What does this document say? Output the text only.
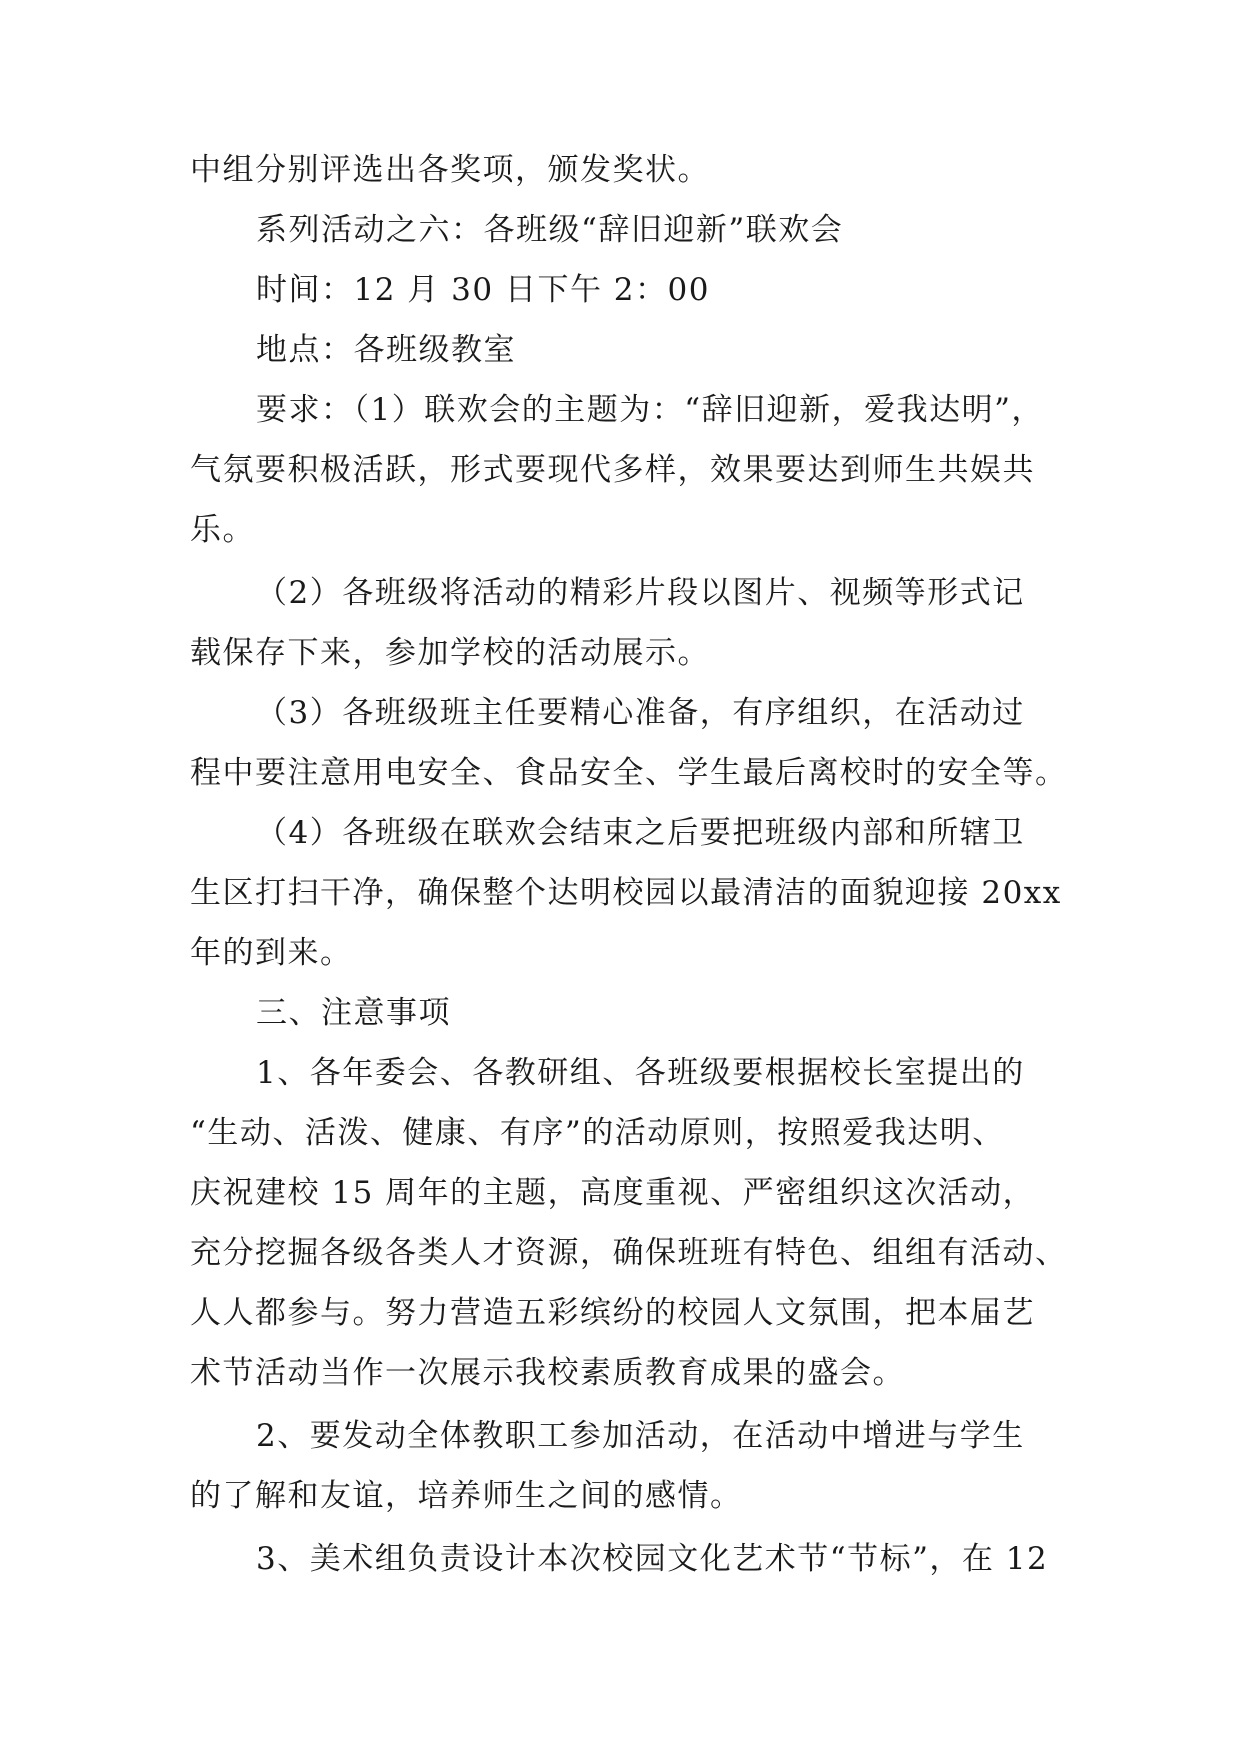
中组分别评选出各奖项，颁发奖状。
系列活动之六：各班级“辞旧迎新”联欢会
时间：12 月 30 日下午 2：00
地点：各班级教室
要求：（1）联欢会的主题为：“辞旧迎新，爱我达明”，
气氛要积极活跃，形式要现代多样，效果要达到师生共娱共
乐。
（2）各班级将活动的精彩片段以图片、视频等形式记
载保存下来，参加学校的活动展示。
（3）各班级班主任要精心准备，有序组织，在活动过
程中要注意用电安全、食品安全、学生最后离校时的安全等。
（4）各班级在联欢会结束之后要把班级内部和所辖卫
生区打扫干净，确保整个达明校园以最清洁的面貌迎接 20xx
年的到来。
三、注意事项
1、各年委会、各教研组、各班级要根据校长室提出的
“生动、活泼、健康、有序”的活动原则，按照爱我达明、
庆祝建校 15 周年的主题，高度重视、严密组织这次活动，
充分挖掘各级各类人才资源，确保班班有特色、组组有活动、
人人都参与。努力营造五彩缤纷的校园人文氛围，把本届艺
术节活动当作一次展示我校素质教育成果的盛会。
2、要发动全体教职工参加活动，在活动中增进与学生
的了解和友谊，培养师生之间的感情。
3、美术组负责设计本次校园文化艺术节“节标”，在 12
